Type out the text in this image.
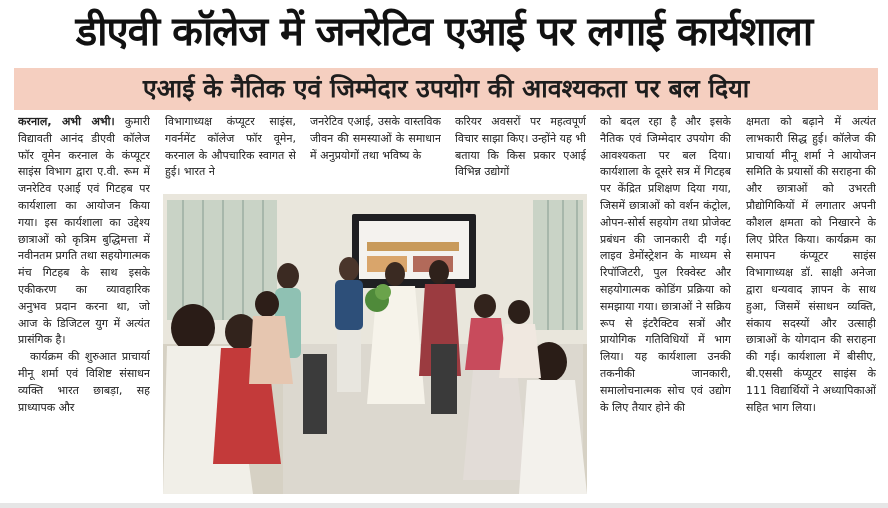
डीएवी कॉलेज में जनरेटिव एआई पर लगाई कार्यशाला
एआई के नैतिक एवं जिम्मेदार उपयोग की आवश्यकता पर बल दिया

करनाल, अभी अभी। कुमारी विद्यावती आनंद डीएवी कॉलेज फॉर वूमेन करनाल के कंप्यूटर साइंस विभाग द्वारा ए.वी. रूम में जनरेटिव एआई एवं गिटहब पर कार्यशाला का आयोजन किया गया। इस कार्यशाला का उद्देश्य छात्राओं को कृत्रिम बुद्धिमत्ता में नवीनतम प्रगति तथा सहयोगात्मक मंच गिटहब के साथ इसके एकीकरण का व्यावहारिक अनुभव प्रदान करना था, जो आज के डिजिटल युग में अत्यंत प्रासंगिक है।

कार्यक्रम की शुरुआत प्राचार्या मीनू शर्मा एवं विशिष्ट संसाधन व्यक्ति भारत छाबड़ा, सह प्राध्यापक और

विभागाध्यक्ष कंप्यूटर साइंस, गवर्नमेंट कॉलेज फॉर वूमेन, करनाल के औपचारिक स्वागत से हुई। भारत ने

जनरेटिव एआई, उसके वास्तविक जीवन की समस्याओं के समाधान में अनुप्रयोगों तथा भविष्य के

करियर अवसरों पर महत्वपूर्ण विचार साझा किए। उन्होंने यह भी बताया कि किस प्रकार एआई विभिन्न उद्योगों

को बदल रहा है और इसके नैतिक एवं जिम्मेदार उपयोग की आवश्यकता पर बल दिया। कार्यशाला के दूसरे सत्र में गिटहब पर केंद्रित प्रशिक्षण दिया गया, जिसमें छात्राओं को वर्शन कंट्रोल, ओपन-सोर्स सहयोग तथा प्रोजेक्ट प्रबंधन की जानकारी दी गई। लाइव डेमोंस्ट्रेशन के माध्यम से रिपॉजिटरी, पुल रिक्वेस्ट और सहयोगात्मक कोडिंग प्रक्रिया को समझाया गया। छात्राओं ने सक्रिय रूप से इंटरैक्टिव सत्रों और प्रायोगिक गतिविधियों में भाग लिया। यह कार्यशाला उनकी तकनीकी जानकारी, समालोचनात्मक सोच एवं उद्योग के लिए तैयार होने की

क्षमता को बढ़ाने में अत्यंत लाभकारी सिद्ध हुई। कॉलेज की प्राचार्या मीनू शर्मा ने आयोजन समिति के प्रयासों की सराहना की और छात्राओं को उभरती प्रौद्योगिकियों में लगातार अपनी कौशल क्षमता को निखारने के लिए प्रेरित किया। कार्यक्रम का समापन कंप्यूटर साइंस विभागाध्यक्ष डॉ. साक्षी अनेजा द्वारा धन्यवाद ज्ञापन के साथ हुआ, जिसमें संसाधन व्यक्ति, संकाय सदस्यों और उत्साही छात्राओं के योगदान की सराहना की गई। कार्यशाला में बीसीए, बी.एससी कंप्यूटर साइंस के 111 विद्यार्थियों ने अध्यापिकाओं सहित भाग लिया।
